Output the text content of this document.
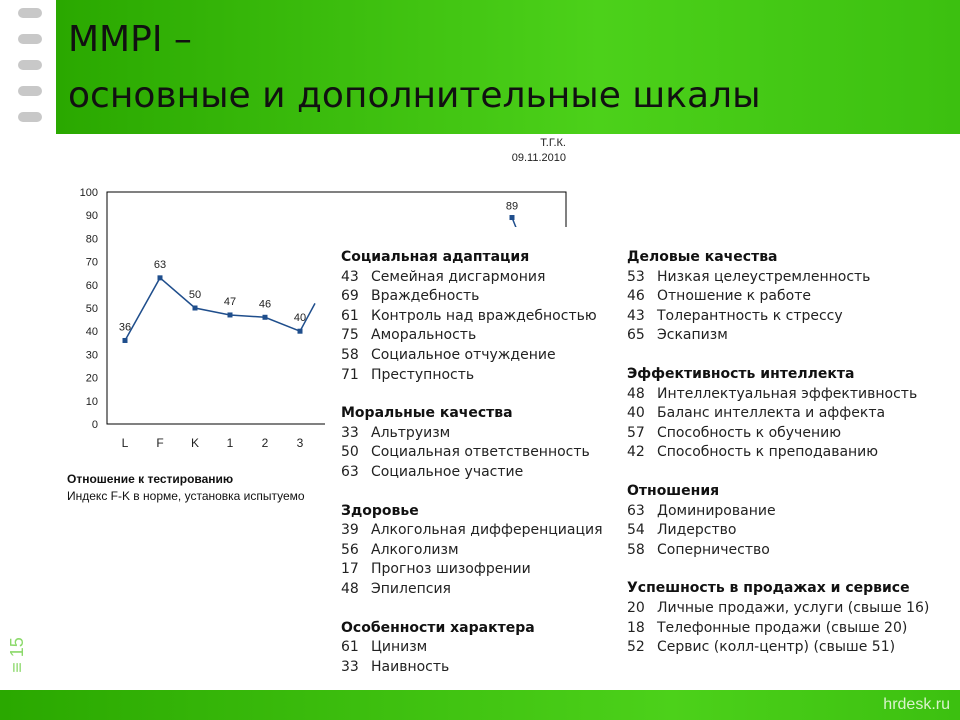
MMPI –
основные и дополнительные шкалы
≡ 15
Т.Г.К.
09.11.2010
0
10
20
30
40
50
60
70
80
90
100
L F K 1 2 3
36
63
50
47 46
40
89
Отношение к тестированию
Индекс F-K в норме, установка испытуемо
Социальная адаптация
43 Семейная дисгармония
69 Враждебность
61 Контроль над враждебностью
75 Аморальность
58 Социальное отчуждение
71 Преступность
Моральные качества
33 Альтруизм
50 Социальная ответственность
63 Социальное участие
Здоровье
39 Алкогольная дифференциация
56 Алкоголизм
17 Прогноз шизофрении
48 Эпилепсия
Особенности характера
61 Цинизм
33 Наивность
Деловые качества
53 Низкая целеустремленность
46 Отношение к работе
43 Толерантность к стрессу
65 Эскапизм
Эффективность интеллекта
48 Интеллектуальная эффективность
40 Баланс интеллекта и аффекта
57 Способность к обучению
42 Способность к преподаванию
Отношения
63 Доминирование
54 Лидерство
58 Соперничество
Успешность в продажах и сервисе
20 Личные продажи, услуги (свыше 16)
18 Телефонные продажи (свыше 20)
52 Сервис (колл-центр) (свыше 51)
hrdesk.ru
